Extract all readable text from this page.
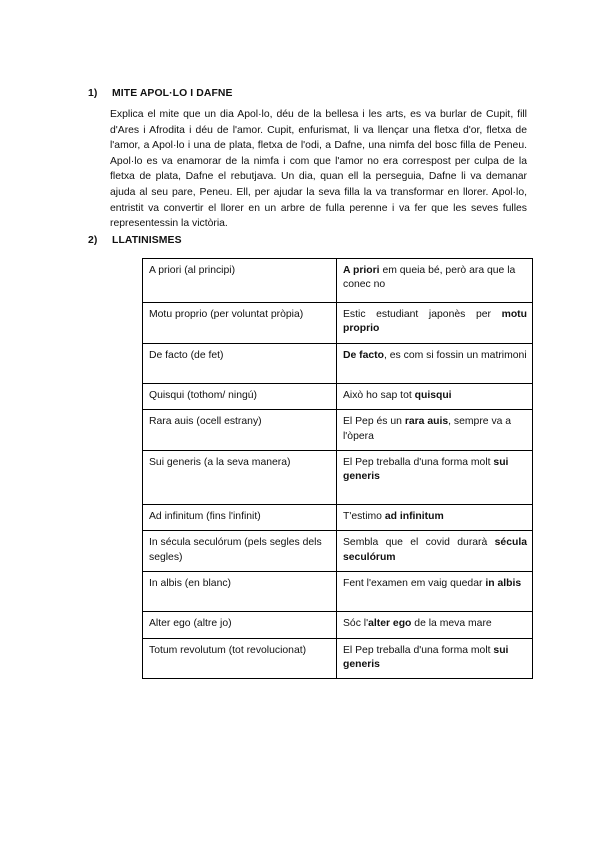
1) MITE APOL·LO I DAFNE

Explica el mite que un dia Apol·lo, déu de la bellesa i les arts, es va burlar de Cupit, fill d'Ares i Afrodita i déu de l'amor. Cupit, enfurismat, li va llençar una fletxa d'or, fletxa de l'amor, a Apol·lo i una de plata, fletxa de l'odi, a Dafne, una nimfa del bosc filla de Peneu. Apol·lo es va enamorar de la nimfa i com que l'amor no era correspost per culpa de la fletxa de plata, Dafne el rebutjava. Un dia, quan ell la perseguia, Dafne li va demanar ajuda al seu pare, Peneu. Ell, per ajudar la seva filla la va transformar en llorer. Apol·lo, entristit va convertir el llorer en un arbre de fulla perenne i va fer que les seves fulles representessin la victòria.

2) LLATINISMES
A priori (al principi)	A priori em queia bé, però ara que la conec no
Motu proprio (per voluntat pròpia)	Estic estudiant japonès per motu proprio
De facto (de fet)	De facto, es com si fossin un matrimoni
Quisqui (tothom/ ningú)	Això ho sap tot quisqui
Rara auis (ocell estrany)	El Pep és un rara auis, sempre va a l'òpera
Sui generis (a la seva manera)	El Pep treballa d'una forma molt sui generis
Ad infinitum (fins l'infinit)	T'estimo ad infinitum
In sécula seculórum (pels segles dels segles)	Sembla que el covid durarà sécula seculórum
In albis (en blanc)	Fent l'examen em vaig quedar in albis
Alter ego (altre jo)	Sóc l'alter ego de la meva mare
Totum revolutum (tot revolucionat)	El Pep treballa d'una forma molt sui generis
